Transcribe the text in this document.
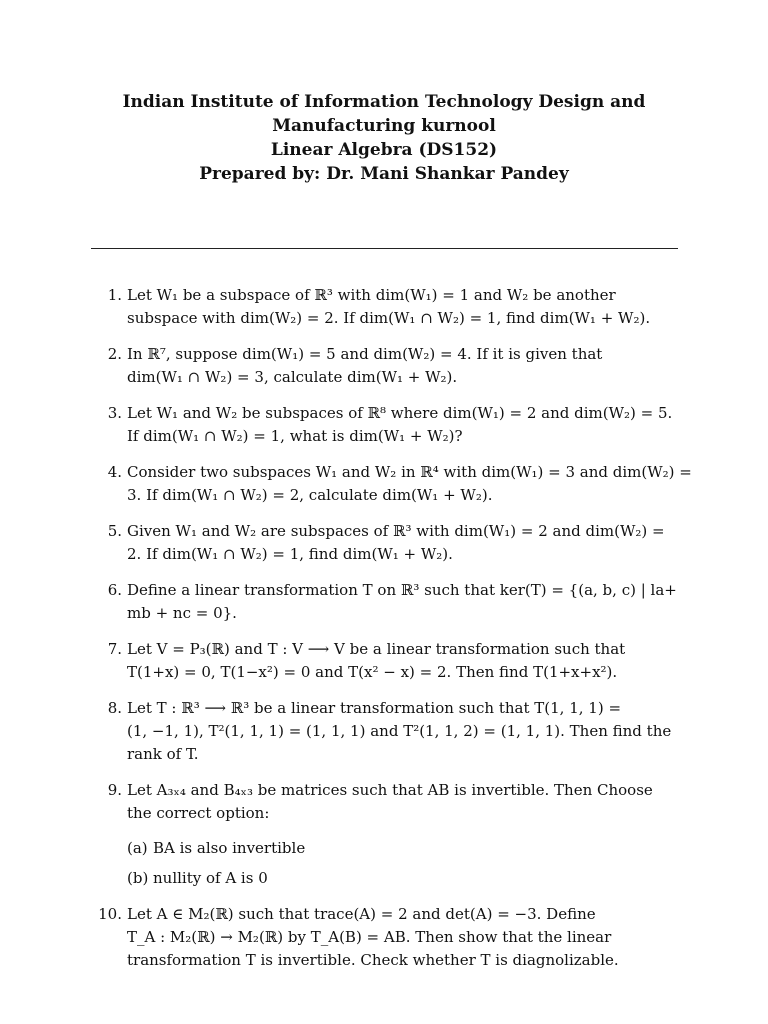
Indian Institute of Information Technology Design and
Manufacturing kurnool
Linear Algebra (DS152)
Prepared by: Dr. Mani Shankar Pandey
1. Let W₁ be a subspace of ℝ³ with dim(W₁) = 1 and W₂ be another
subspace with dim(W₂) = 2. If dim(W₁ ∩ W₂) = 1, find dim(W₁ + W₂).
2. In ℝ⁷, suppose dim(W₁) = 5 and dim(W₂) = 4. If it is given that
dim(W₁ ∩ W₂) = 3, calculate dim(W₁ + W₂).
3. Let W₁ and W₂ be subspaces of ℝ⁸ where dim(W₁) = 2 and dim(W₂) = 5.
If dim(W₁ ∩ W₂) = 1, what is dim(W₁ + W₂)?
4. Consider two subspaces W₁ and W₂ in ℝ⁴ with dim(W₁) = 3 and dim(W₂) =
3. If dim(W₁ ∩ W₂) = 2, calculate dim(W₁ + W₂).
5. Given W₁ and W₂ are subspaces of ℝ³ with dim(W₁) = 2 and dim(W₂) =
2. If dim(W₁ ∩ W₂) = 1, find dim(W₁ + W₂).
6. Define a linear transformation T on ℝ³ such that ker(T) = {(a, b, c) | la+
mb + nc = 0}.
7. Let V = P₃(ℝ) and T : V ⟶ V be a linear transformation such that
T(1+x) = 0, T(1−x²) = 0 and T(x² − x) = 2. Then find T(1+x+x²).
8. Let T : ℝ³ ⟶ ℝ³ be a linear transformation such that T(1, 1, 1) =
(1, −1, 1), T²(1, 1, 1) = (1, 1, 1) and T²(1, 1, 2) = (1, 1, 1). Then find the
rank of T.
9. Let A₃ₓ₄ and B₄ₓ₃ be matrices such that AB is invertible. Then Choose
the correct option:
(a) BA is also invertible
(b) nullity of A is 0
10. Let A ∈ M₂(ℝ) such that trace(A) = 2 and det(A) = −3. Define
T_A : M₂(ℝ) → M₂(ℝ) by T_A(B) = AB. Then show that the linear
transformation T is invertible. Check whether T is diagnolizable.
